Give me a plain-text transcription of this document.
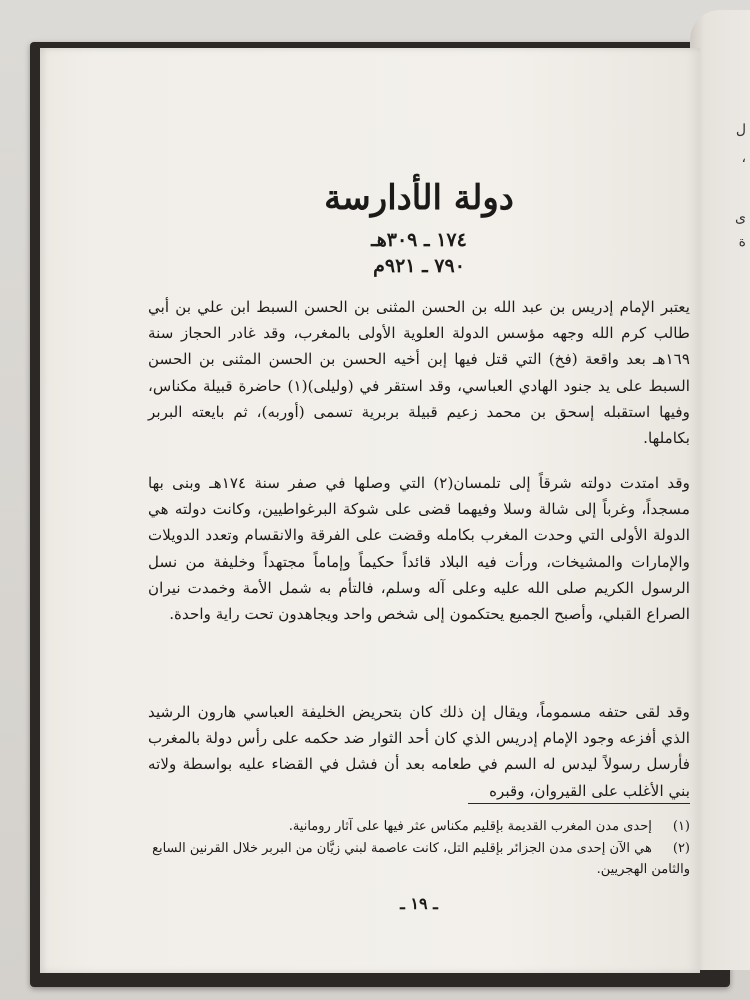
ل
،
ى
ة
دولة الأدارسة
١٧٤ ـ ٣٠٩هـ
٧٩٠ ـ ٩٢١م

يعتبر الإمام إدريس بن عبد الله بن الحسن المثنى بن الحسن السبط ابن علي بن أبي طالب كرم الله وجهه مؤسس الدولة العلوية الأولى بالمغرب، وقد غادر الحجاز سنة ١٦٩هـ بعد واقعة (فخ) التي قتل فيها إبن أخيه الحسن بن الحسن المثنى بن الحسن السبط على يد جنود الهادي العباسي، وقد استقر في (وليلى)(١) حاضرة قبيلة مكناس، وفيها استقبله إسحق بن محمد زعيم قبيلة بربرية تسمى (أوربه)، ثم بايعته البربر بكاملها.

وقد امتدت دولته شرقاً إلى تلمسان(٢) التي وصلها في صفر سنة ١٧٤هـ وبنى بها مسجداً، وغرباً إلى شالة وسلا وفيهما قضى على شوكة البرغواطيين، وكانت دولته هي الدولة الأولى التي وحدت المغرب بكامله وقضت على الفرقة والانقسام وتعدد الدويلات والإمارات والمشيخات، ورأت فيه البلاد قائداً حكيماً وإماماً مجتهداً وخليفة من نسل الرسول الكريم صلى الله عليه وعلى آله وسلم، فالتأم به شمل الأمة وخمدت نيران الصراع القبلي، وأصبح الجميع يحتكمون إلى شخص واحد ويجاهدون تحت راية واحدة.

وقد لقى حتفه مسموماً، ويقال إن ذلك كان بتحريض الخليفة العباسي هارون الرشيد الذي أفزعه وجود الإمام إدريس الذي كان أحد الثوار ضد حكمه على رأس دولة بالمغرب فأرسل رسولاً ليدس له السم في طعامه بعد أن فشل في القضاء عليه بواسطة ولاته بني الأغلب على القيروان، وقبره

(١) إحدى مدن المغرب القديمة بإقليم مكناس عثر فيها على آثار رومانية.

(٢) هي الآن إحدى مدن الجزائر بإقليم التل، كانت عاصمة لبني زيَّان من البربر خلال القرنين السابع والثامن الهجريين.

ـ ١٩ ـ
